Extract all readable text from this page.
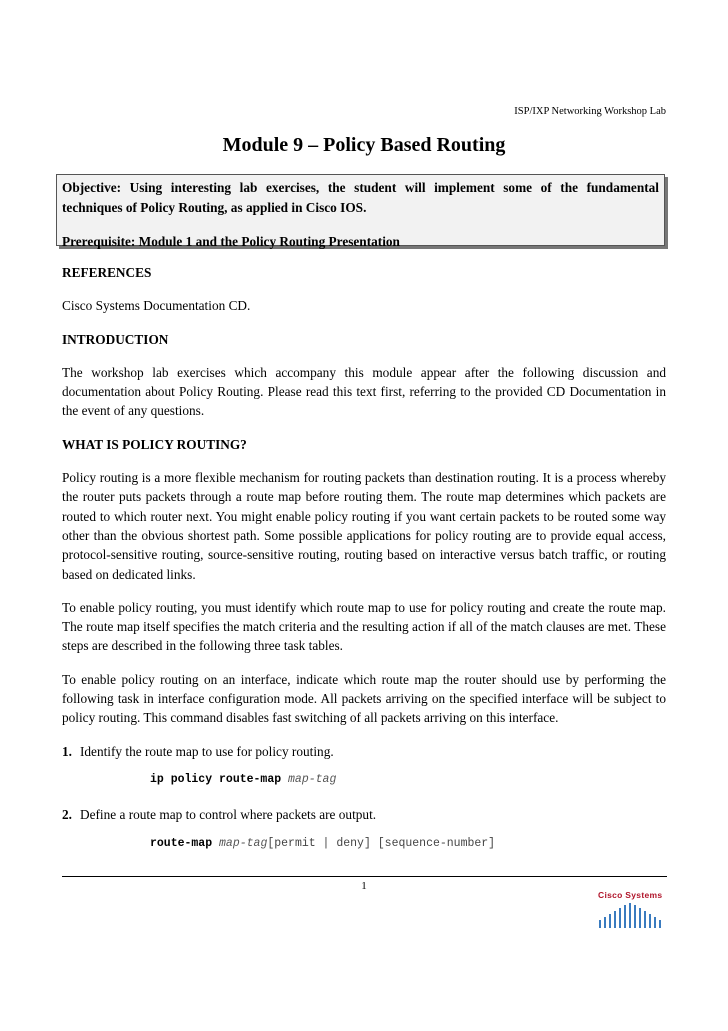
ISP/IXP Networking Workshop Lab
Module 9 – Policy Based Routing

Objective: Using interesting lab exercises, the student will implement some of the fundamental techniques of Policy Routing, as applied in Cisco IOS.

Prerequisite: Module 1 and the Policy Routing Presentation

REFERENCES

Cisco Systems Documentation CD.

INTRODUCTION

The workshop lab exercises which accompany this module appear after the following discussion and documentation about Policy Routing. Please read this text first, referring to the provided CD Documentation in the event of any questions.

WHAT IS POLICY ROUTING?

Policy routing is a more flexible mechanism for routing packets than destination routing. It is a process whereby the router puts packets through a route map before routing them. The route map determines which packets are routed to which router next. You might enable policy routing if you want certain packets to be routed some way other than the obvious shortest path. Some possible applications for policy routing are to provide equal access, protocol-sensitive routing, source-sensitive routing, routing based on interactive versus batch traffic, or routing based on dedicated links.

To enable policy routing, you must identify which route map to use for policy routing and create the route map. The route map itself specifies the match criteria and the resulting action if all of the match clauses are met. These steps are described in the following three task tables.

To enable policy routing on an interface, indicate which route map the router should use by performing the following task in interface configuration mode. All packets arriving on the specified interface will be subject to policy routing. This command disables fast switching of all packets arriving on this interface.

1. Identify the route map to use for policy routing.

ip policy route-map map-tag

2. Define a route map to control where packets are output.

route-map map-tag[permit | deny] [sequence-number]
1
Cisco Systems
